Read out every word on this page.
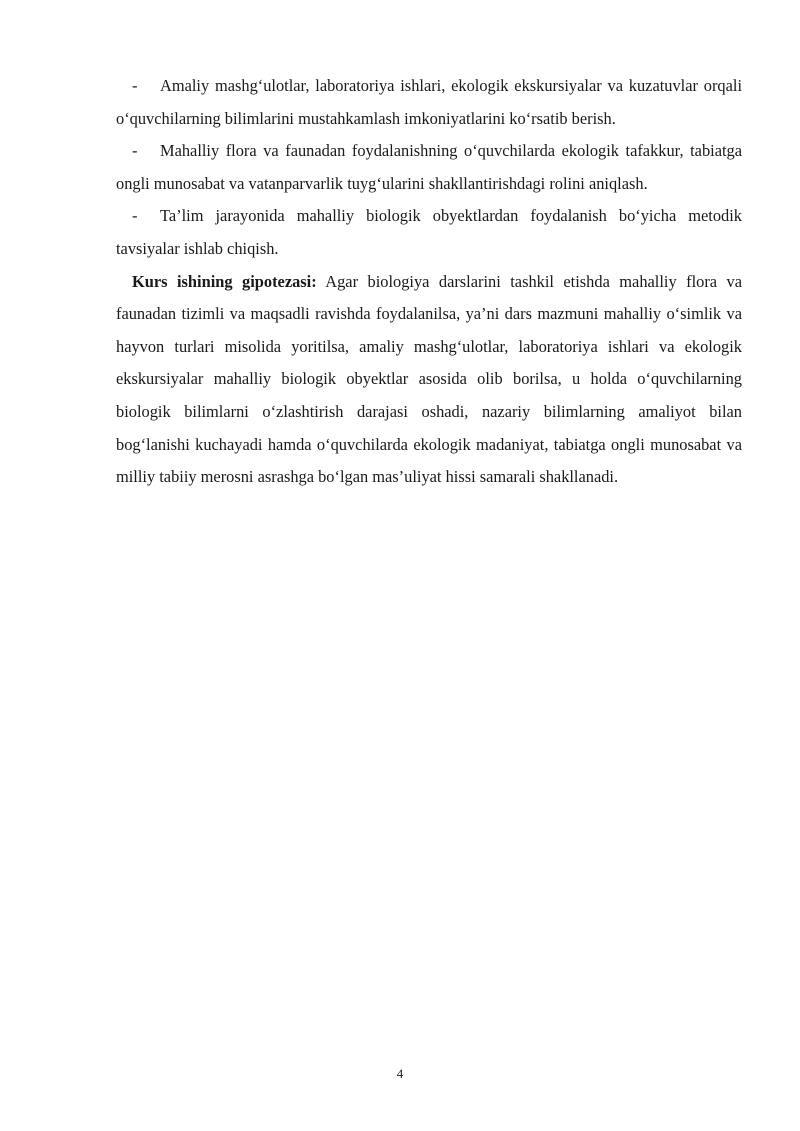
- Amaliy mashg‘ulotlar, laboratoriya ishlari, ekologik ekskursiyalar va kuzatuvlar orqali o‘quvchilarning bilimlarini mustahkamlash imkoniyatlarini ko‘rsatib berish.

- Mahalliy flora va faunadan foydalanishning o‘quvchilarda ekologik tafakkur, tabiatga ongli munosabat va vatanparvarlik tuyg‘ularini shakllantirishdagi rolini aniqlash.

- Ta’lim jarayonida mahalliy biologik obyektlardan foydalanish bo‘yicha metodik tavsiyalar ishlab chiqish.

Kurs ishining gipotezasi: Agar biologiya darslarini tashkil etishda mahalliy flora va faunadan tizimli va maqsadli ravishda foydalanilsa, ya’ni dars mazmuni mahalliy o‘simlik va hayvon turlari misolida yoritilsa, amaliy mashg‘ulotlar, laboratoriya ishlari va ekologik ekskursiyalar mahalliy biologik obyektlar asosida olib borilsa, u holda o‘quvchilarning biologik bilimlarni o‘zlashtirish darajasi oshadi, nazariy bilimlarning amaliyot bilan bog‘lanishi kuchayadi hamda o‘quvchilarda ekologik madaniyat, tabiatga ongli munosabat va milliy tabiiy merosni asrashga bo‘lgan mas’uliyat hissi samarali shakllanadi.

4
